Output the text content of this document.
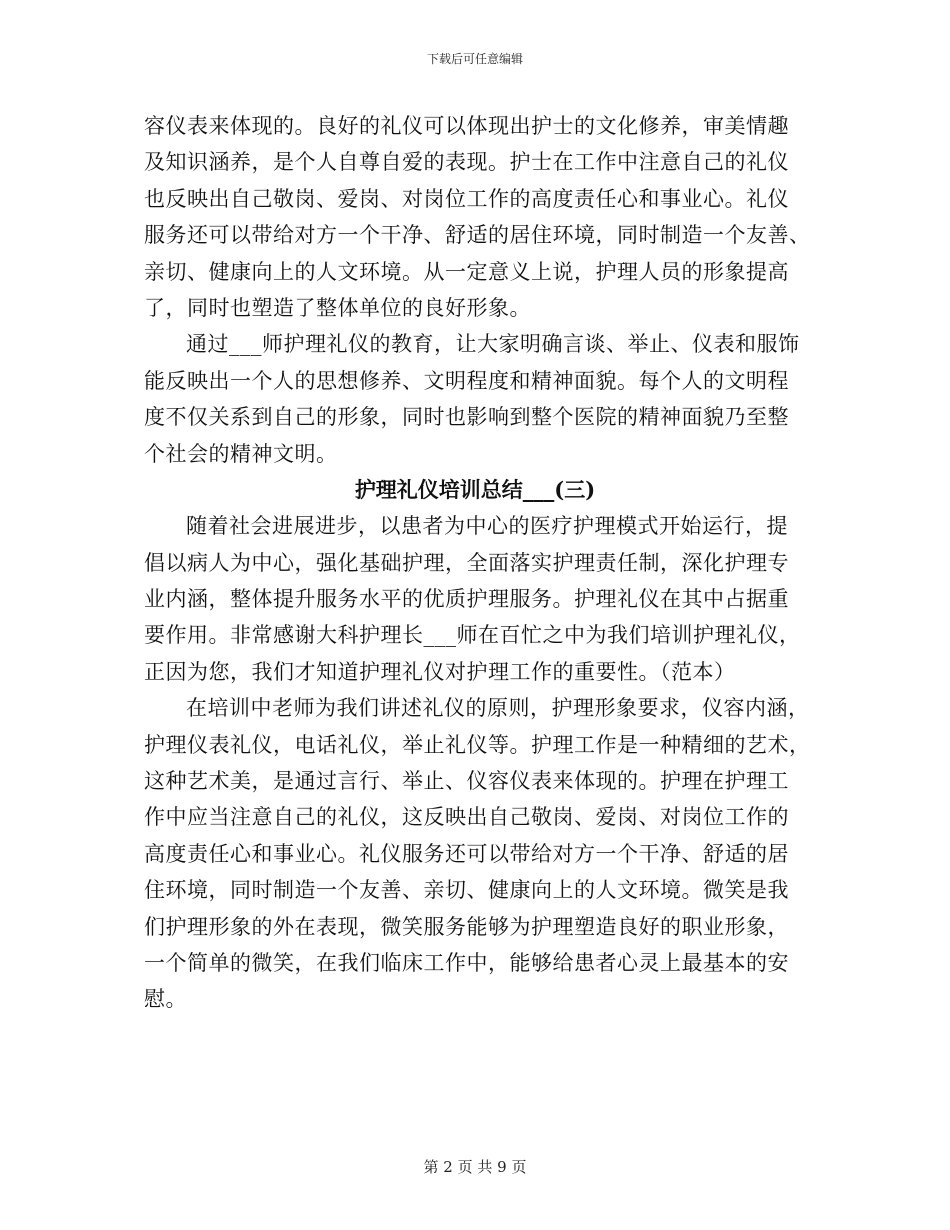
下载后可任意编辑
容仪表来体现的。良好的礼仪可以体现出护士的文化修养，审美情趣
及知识涵养，是个人自尊自爱的表现。护士在工作中注意自己的礼仪
也反映出自己敬岗、爱岗、对岗位工作的高度责任心和事业心。礼仪
服务还可以带给对方一个干净、舒适的居住环境，同时制造一个友善、
亲切、健康向上的人文环境。从一定意义上说，护理人员的形象提高
了，同时也塑造了整体单位的良好形象。
通过___师护理礼仪的教育，让大家明确言谈、举止、仪表和服饰
能反映出一个人的思想修养、文明程度和精神面貌。每个人的文明程
度不仅关系到自己的形象，同时也影响到整个医院的精神面貌乃至整
个社会的精神文明。
护理礼仪培训总结___(三)
随着社会进展进步，以患者为中心的医疗护理模式开始运行，提
倡以病人为中心，强化基础护理，全面落实护理责任制，深化护理专
业内涵，整体提升服务水平的优质护理服务。护理礼仪在其中占据重
要作用。非常感谢大科护理长___师在百忙之中为我们培训护理礼仪，
正因为您，我们才知道护理礼仪对护理工作的重要性。（范本）
在培训中老师为我们讲述礼仪的原则，护理形象要求，仪容内涵，
护理仪表礼仪，电话礼仪，举止礼仪等。护理工作是一种精细的艺术，
这种艺术美，是通过言行、举止、仪容仪表来体现的。护理在护理工
作中应当注意自己的礼仪，这反映出自己敬岗、爱岗、对岗位工作的
高度责任心和事业心。礼仪服务还可以带给对方一个干净、舒适的居
住环境，同时制造一个友善、亲切、健康向上的人文环境。微笑是我
们护理形象的外在表现，微笑服务能够为护理塑造良好的职业形象，
一个简单的微笑，在我们临床工作中，能够给患者心灵上最基本的安
慰。
第 2 页 共 9 页
